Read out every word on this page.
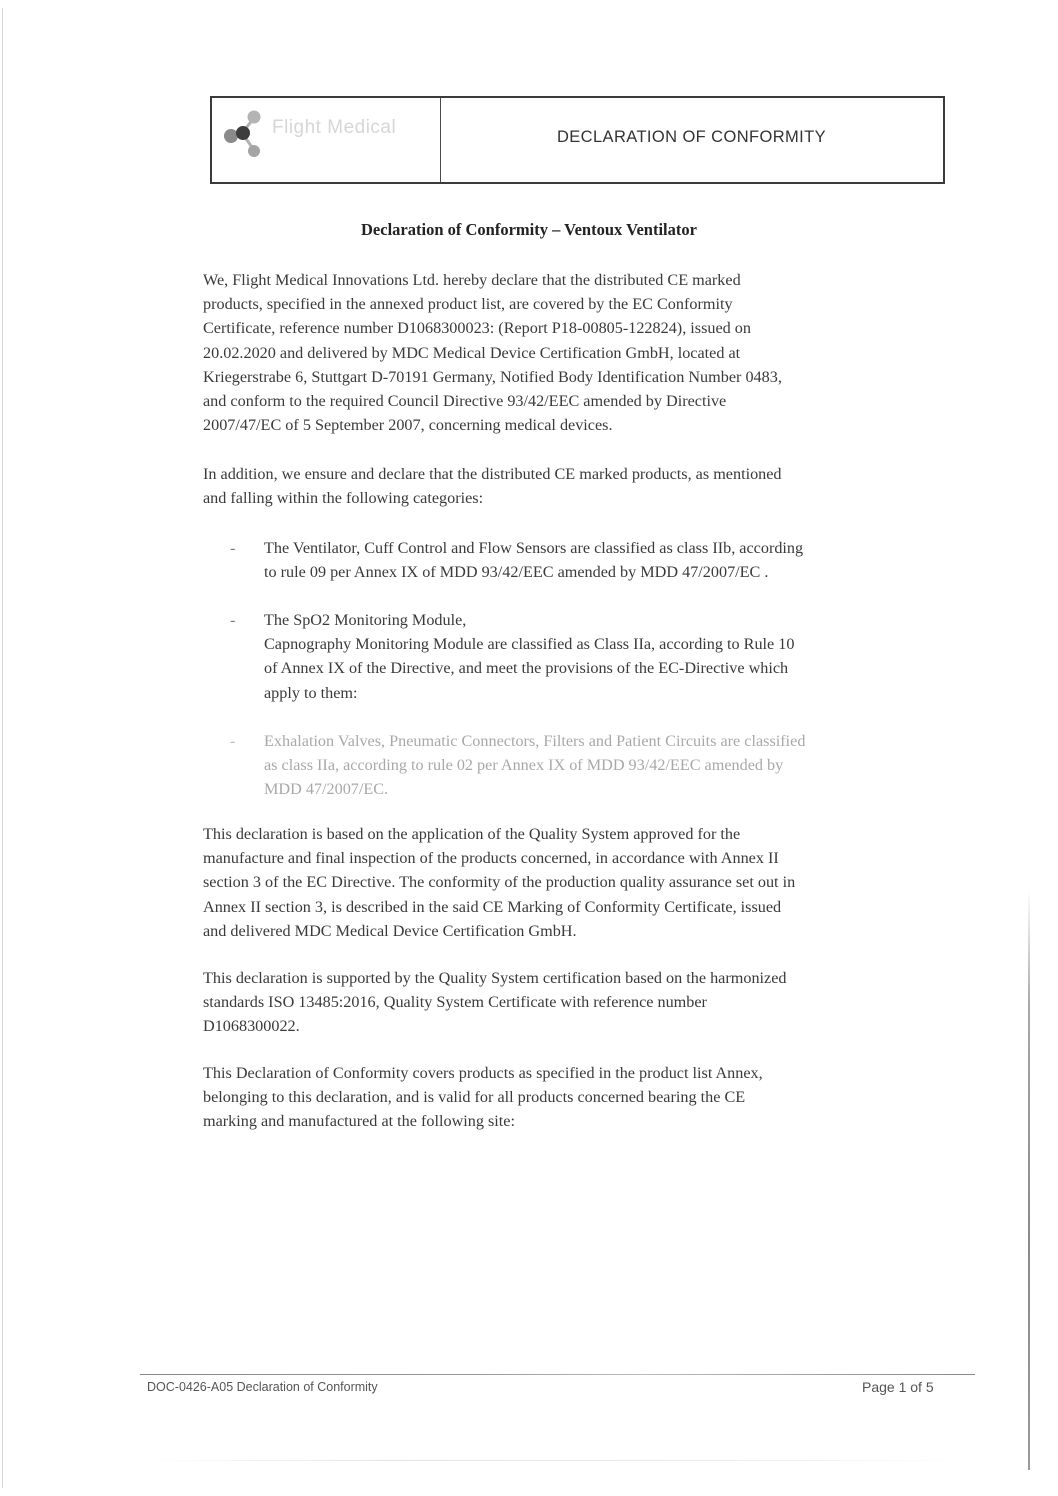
Flight Medical	DECLARATION OF CONFORMITY
Declaration of Conformity – Ventoux Ventilator
We, Flight Medical Innovations Ltd. hereby declare that the distributed CE marked
products, specified in the annexed product list, are covered by the EC Conformity
Certificate, reference number D1068300023: (Report P18-00805-122824), issued on
20.02.2020 and delivered by MDC Medical Device Certification GmbH, located at
Kriegerstrabe 6, Stuttgart D-70191 Germany, Notified Body Identification Number 0483,
and conform to the required Council Directive 93/42/EEC amended by Directive
2007/47/EC of 5 September 2007, concerning medical devices.
In addition, we ensure and declare that the distributed CE marked products, as mentioned
and falling within the following categories:
-	The Ventilator, Cuff Control and Flow Sensors are classified as class IIb, according
to rule 09 per Annex IX of MDD 93/42/EEC amended by MDD 47/2007/EC .
-	The SpO2 Monitoring Module,
Capnography Monitoring Module are classified as Class IIa, according to Rule 10
of Annex IX of the Directive, and meet the provisions of the EC-Directive which
apply to them:
-	Exhalation Valves, Pneumatic Connectors, Filters and Patient Circuits are classified
as class IIa, according to rule 02 per Annex IX of MDD 93/42/EEC amended by
MDD 47/2007/EC.
This declaration is based on the application of the Quality System approved for the
manufacture and final inspection of the products concerned, in accordance with Annex II
section 3 of the EC Directive. The conformity of the production quality assurance set out in
Annex II section 3, is described in the said CE Marking of Conformity Certificate, issued
and delivered MDC Medical Device Certification GmbH.
This declaration is supported by the Quality System certification based on the harmonized
standards ISO 13485:2016, Quality System Certificate with reference number
D1068300022.
This Declaration of Conformity covers products as specified in the product list Annex,
belonging to this declaration, and is valid for all products concerned bearing the CE
marking and manufactured at the following site:
DOC-0426-A05 Declaration of Conformity	Page 1 of 5
